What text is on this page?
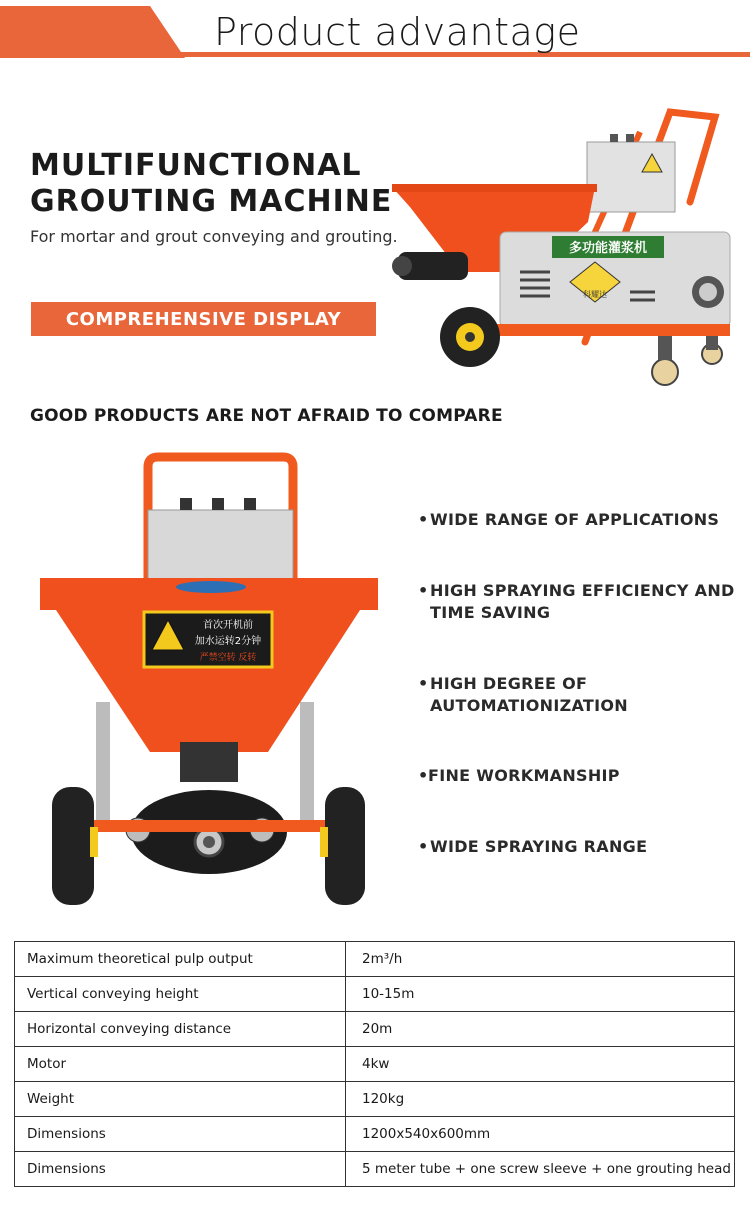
Product advantage
MULTIFUNCTIONAL
GROUTING MACHINE
For mortar and grout conveying and grouting.
COMPREHENSIVE DISPLAY
多功能灌浆机
科耀达
GOOD PRODUCTS ARE NOT AFRAID TO COMPARE
首次开机前
加水运转2分钟
严禁空转 反转
• WIDE RANGE OF APPLICATIONS
• HIGH SPRAYING EFFICIENCY AND TIME SAVING
• HIGH DEGREE OF AUTOMATIONIZATION
• FINE WORKMANSHIP
• WIDE SPRAYING RANGE
Maximum theoretical pulp output	2m³/h
Vertical conveying height	10-15m
Horizontal conveying distance	20m
Motor	4kw
Weight	120kg
Dimensions	1200x540x600mm
Dimensions	5 meter tube + one screw sleeve + one grouting head
